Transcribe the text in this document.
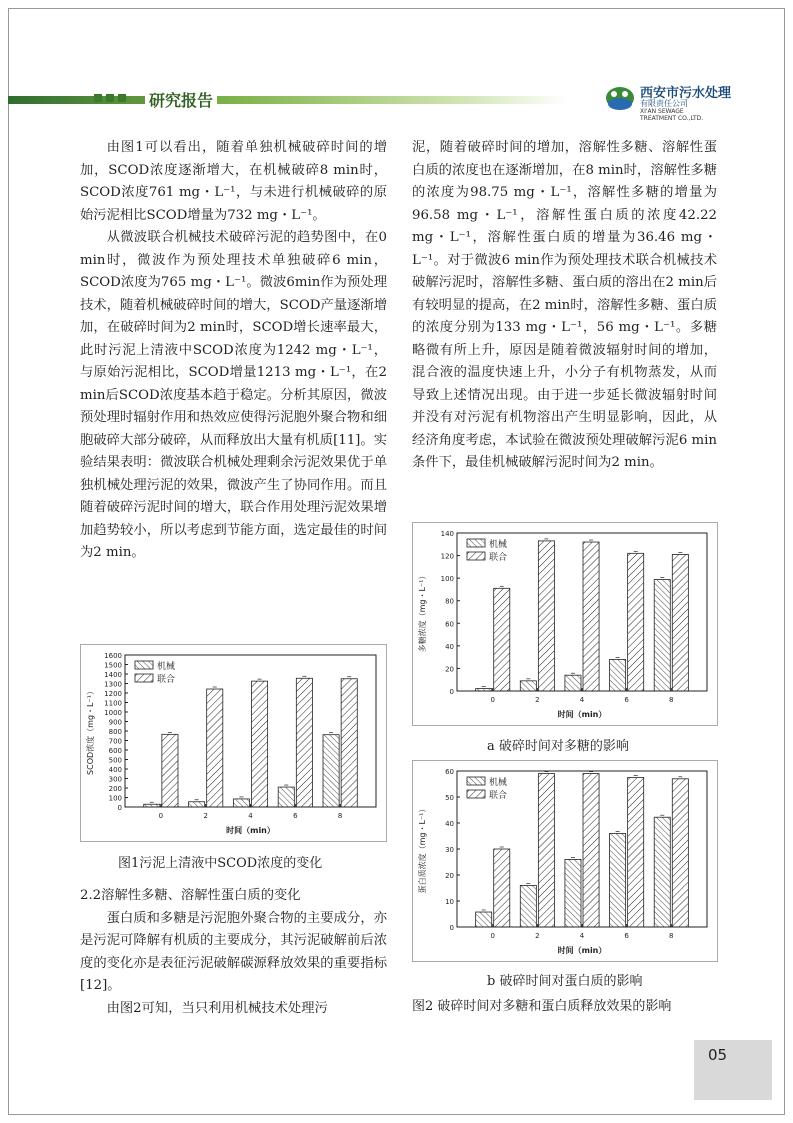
研究报告	西安市污水处理
有限责任公司
XI'AN SEWAGE
TREATMENT CO.,LTD.

由图1可以看出，随着单独机械破碎时间的增加，SCOD浓度逐渐增大，在机械破碎8 min时，SCOD浓度761 mg・L⁻¹，与未进行机械破碎的原始污泥相比SCOD增量为732 mg・L⁻¹。

从微波联合机械技术破碎污泥的趋势图中，在0 min时，微波作为预处理技术单独破碎6 min，SCOD浓度为765 mg・L⁻¹。微波6min作为预处理技术，随着机械破碎时间的增大，SCOD产量逐渐增加，在破碎时间为2 min时，SCOD增长速率最大，此时污泥上清液中SCOD浓度为1242 mg・L⁻¹，与原始污泥相比，SCOD增量1213 mg・L⁻¹，在2 min后SCOD浓度基本趋于稳定。分析其原因，微波预处理时辐射作用和热效应使得污泥胞外聚合物和细胞破碎大部分破碎，从而释放出大量有机质[11]。实验结果表明：微波联合机械处理剩余污泥效果优于单独机械处理污泥的效果，微波产生了协同作用。而且随着破碎污泥时间的增大，联合作用处理污泥效果增加趋势较小，所以考虑到节能方面，选定最佳的时间为2 min。

0
100
200
300
400
500
600
700
800
900
1000
1100
1200
1300
1400
1500
1600
0	2	4	6	8
时间（min）
SCOD浓度（mg・L⁻¹）
机械
联合
图1污泥上清液中SCOD浓度的变化

2.2溶解性多糖、溶解性蛋白质的变化

蛋白质和多糖是污泥胞外聚合物的主要成分，亦是污泥可降解有机质的主要成分，其污泥破解前后浓度的变化亦是表征污泥破解碳源释放效果的重要指标[12]。

由图2可知，当只利用机械技术处理污

泥，随着破碎时间的增加，溶解性多糖、溶解性蛋白质的浓度也在逐渐增加，在8 min时，溶解性多糖的浓度为98.75 mg・L⁻¹，溶解性多糖的增量为96.58 mg・L⁻¹，溶解性蛋白质的浓度42.22 mg・L⁻¹，溶解性蛋白质的增量为36.46 mg・L⁻¹。对于微波6 min作为预处理技术联合机械技术破解污泥时，溶解性多糖、蛋白质的溶出在2 min后有较明显的提高，在2 min时，溶解性多糖、蛋白质的浓度分别为133 mg・L⁻¹，56 mg・L⁻¹。多糖略微有所上升，原因是随着微波辐射时间的增加，混合液的温度快速上升，小分子有机物蒸发，从而导致上述情况出现。由于进一步延长微波辐射时间并没有对污泥有机物溶出产生明显影响，因此，从经济角度考虑，本试验在微波预处理破解污泥6 min条件下，最佳机械破解污泥时间为2 min。

0
20
40
60
80
100
120
140
0	2	4	6	8
时间（min）
多糖浓度（mg・L⁻¹）
机械
联合
a 破碎时间对多糖的影响
0
10
20
30
40
50
60
0	2	4	6	8
时间（min）
蛋白质浓度（mg・L⁻¹）
机械
联合
b 破碎时间对蛋白质的影响
图2 破碎时间对多糖和蛋白质释放效果的影响
05
